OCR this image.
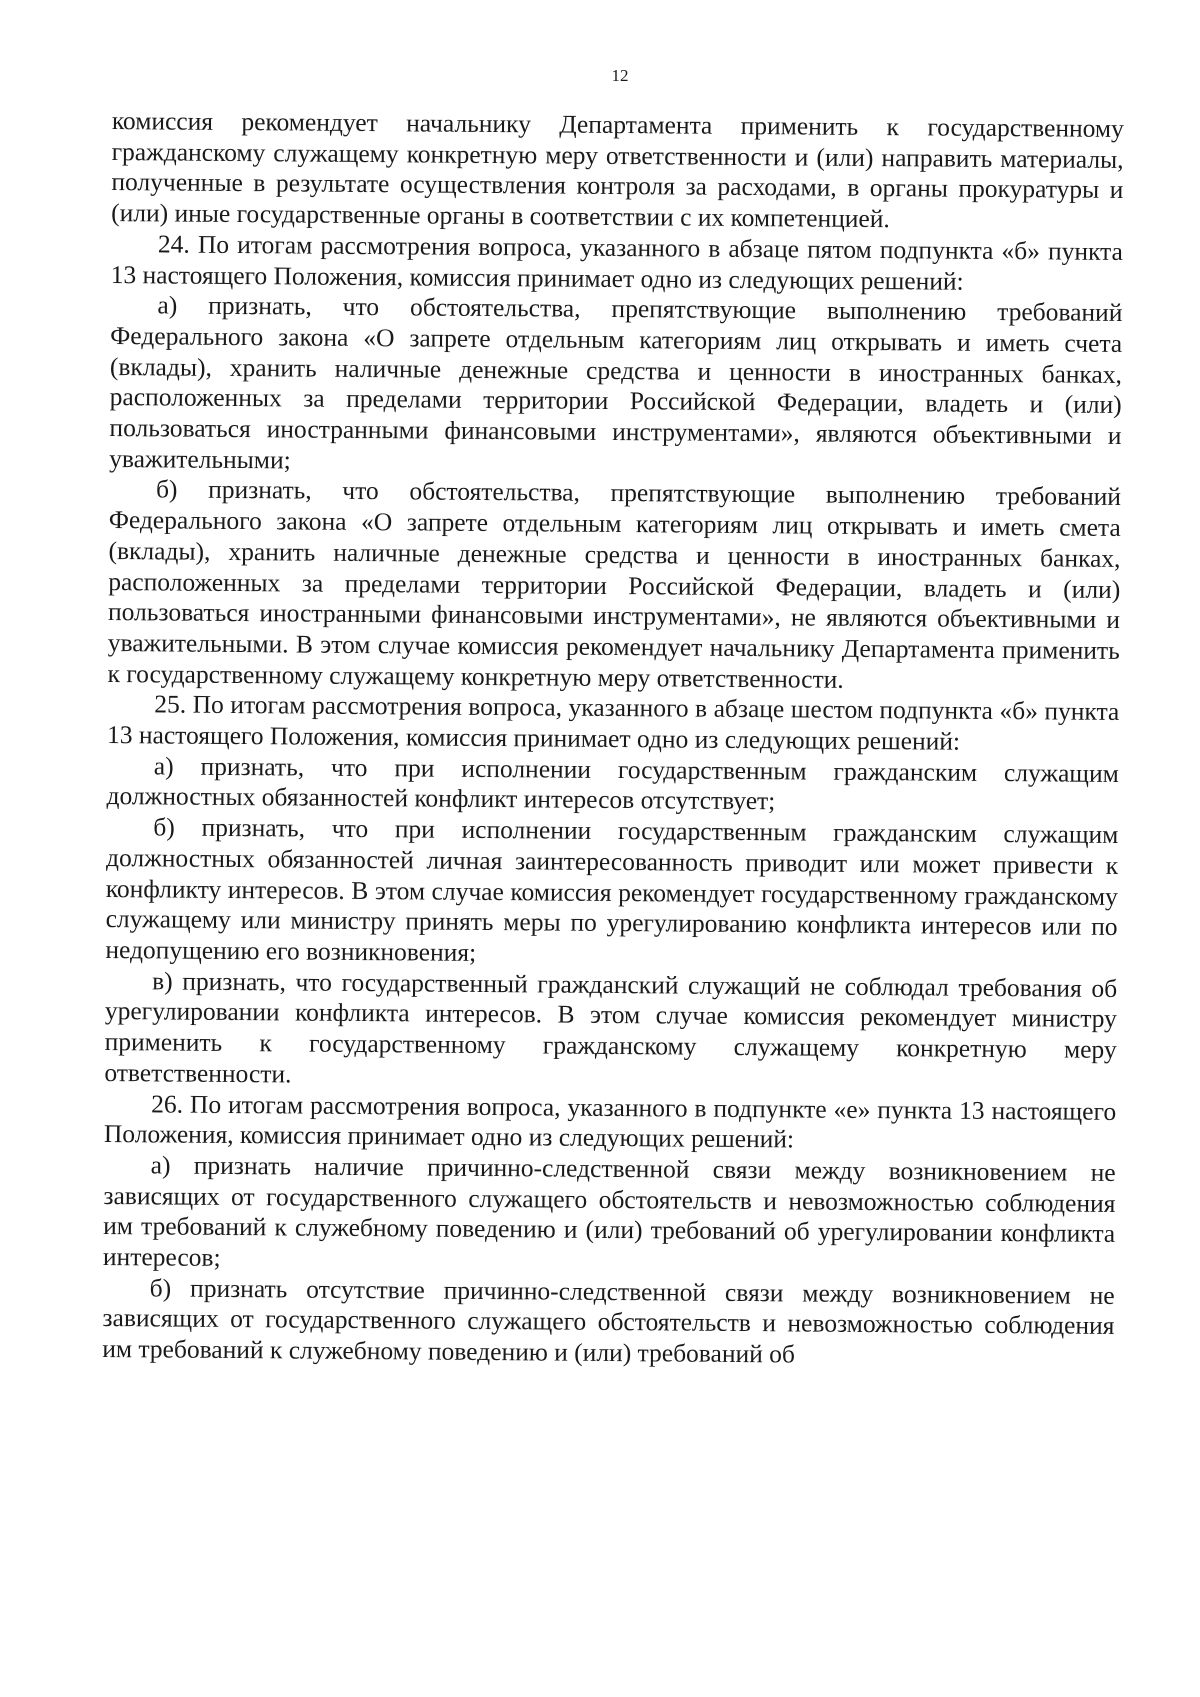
12

комиссия рекомендует начальнику Департамента применить к государственному гражданскому служащему конкретную меру ответственности и (или) направить материалы, полученные в результате осуществления контроля за расходами, в органы прокуратуры и (или) иные государственные органы в соответствии с их компетенцией.

24. По итогам рассмотрения вопроса, указанного в абзаце пятом подпункта «б» пункта 13 настоящего Положения, комиссия принимает одно из следующих решений:

а) признать, что обстоятельства, препятствующие выполнению требований Федерального закона «О запрете отдельным категориям лиц открывать и иметь счета (вклады), хранить наличные денежные средства и ценности в иностранных банках, расположенных за пределами территории Российской Федерации, владеть и (или) пользоваться иностранными финансовыми инструментами», являются объективными и уважительными;

б) признать, что обстоятельства, препятствующие выполнению требований Федерального закона «О запрете отдельным категориям лиц открывать и иметь смета (вклады), хранить наличные денежные средства и ценности в иностранных банках, расположенных за пределами территории Российской Федерации, владеть и (или) пользоваться иностранными финансовыми инструментами», не являются объективными и уважительными. В этом случае комиссия рекомендует начальнику Департамента применить к государственному служащему конкретную меру ответственности.

25. По итогам рассмотрения вопроса, указанного в абзаце шестом подпункта «б» пункта 13 настоящего Положения, комиссия принимает одно из следующих решений:

а) признать, что при исполнении государственным гражданским служащим должностных обязанностей конфликт интересов отсутствует;

б) признать, что при исполнении государственным гражданским служащим должностных обязанностей личная заинтересованность приводит или может привести к конфликту интересов. В этом случае комиссия рекомендует государственному гражданскому служащему или министру принять меры по урегулированию конфликта интересов или по недопущению его возникновения;

в) признать, что государственный гражданский служащий не соблюдал требования об урегулировании конфликта интересов. В этом случае комиссия рекомендует министру применить к государственному гражданскому служащему конкретную меру ответственности.

26. По итогам рассмотрения вопроса, указанного в подпункте «е» пункта 13 настоящего Положения, комиссия принимает одно из следующих решений:

а) признать наличие причинно-следственной связи между возникновением не зависящих от государственного служащего обстоятельств и невозможностью соблюдения им требований к служебному поведению и (или) требований об урегулировании конфликта интересов;

б) признать отсутствие причинно-следственной связи между возникновением не зависящих от государственного служащего обстоятельств и невозможностью соблюдения им требований к служебному поведению и (или) требований об
